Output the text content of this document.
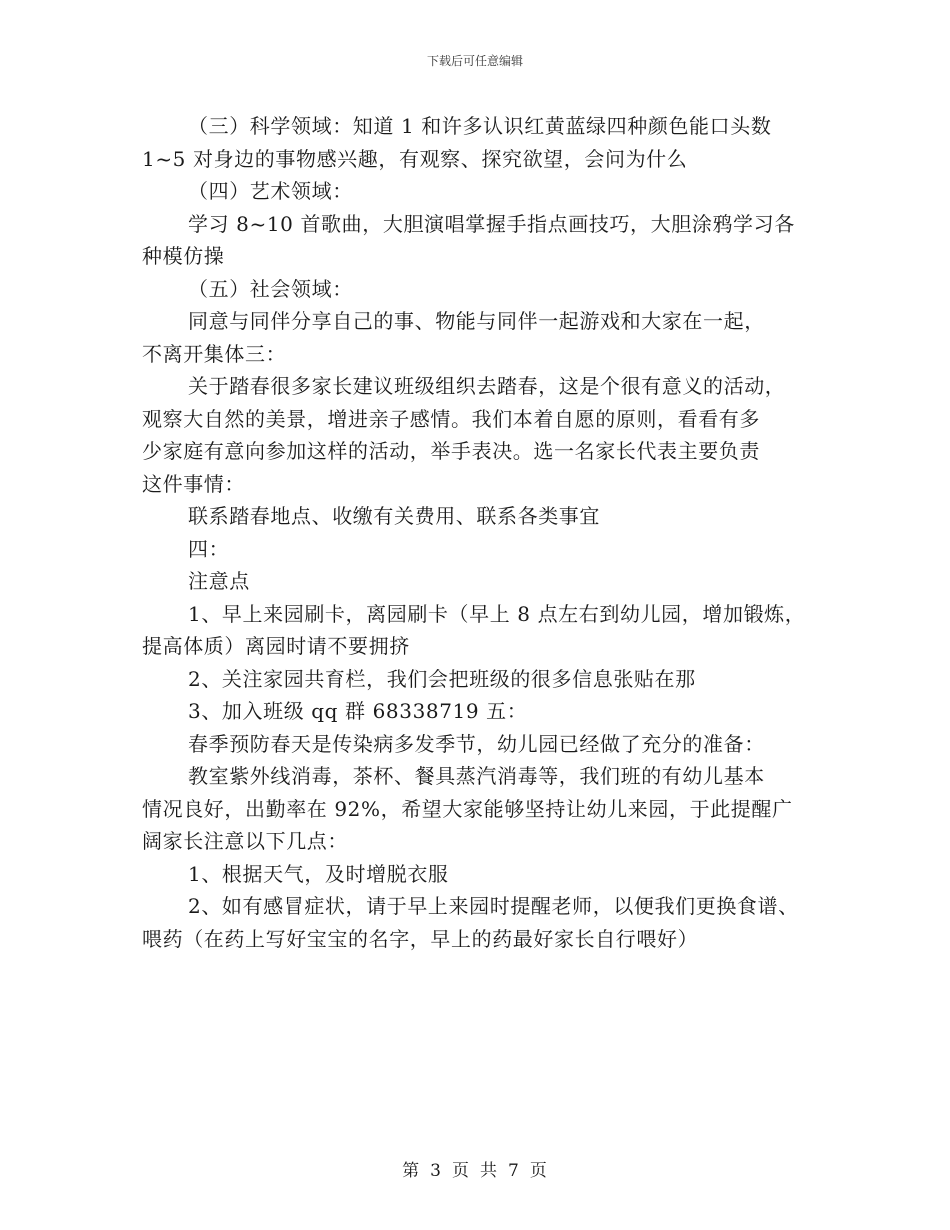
下载后可任意编辑
（三）科学领域：知道 1 和许多认识红黄蓝绿四种颜色能口头数
1~5 对身边的事物感兴趣，有观察、探究欲望，会问为什么
（四）艺术领域：
学习 8~10 首歌曲，大胆演唱掌握手指点画技巧，大胆涂鸦学习各
种模仿操
（五）社会领域：
同意与同伴分享自己的事、物能与同伴一起游戏和大家在一起，
不离开集体三：
关于踏春很多家长建议班级组织去踏春，这是个很有意义的活动，
观察大自然的美景，增进亲子感情。我们本着自愿的原则，看看有多
少家庭有意向参加这样的活动，举手表决。选一名家长代表主要负责
这件事情：
联系踏春地点、收缴有关费用、联系各类事宜
四：
注意点
1、早上来园刷卡，离园刷卡（早上 8 点左右到幼儿园，增加锻炼，
提高体质）离园时请不要拥挤
2、关注家园共育栏，我们会把班级的很多信息张贴在那
3、加入班级 qq 群 68338719 五：
春季预防春天是传染病多发季节，幼儿园已经做了充分的准备：
教室紫外线消毒，茶杯、餐具蒸汽消毒等，我们班的有幼儿基本
情况良好，出勤率在 92%，希望大家能够坚持让幼儿来园，于此提醒广
阔家长注意以下几点：
1、根据天气，及时增脱衣服
2、如有感冒症状，请于早上来园时提醒老师，以便我们更换食谱、
喂药（在药上写好宝宝的名字，早上的药最好家长自行喂好）
第 3 页 共 7 页
